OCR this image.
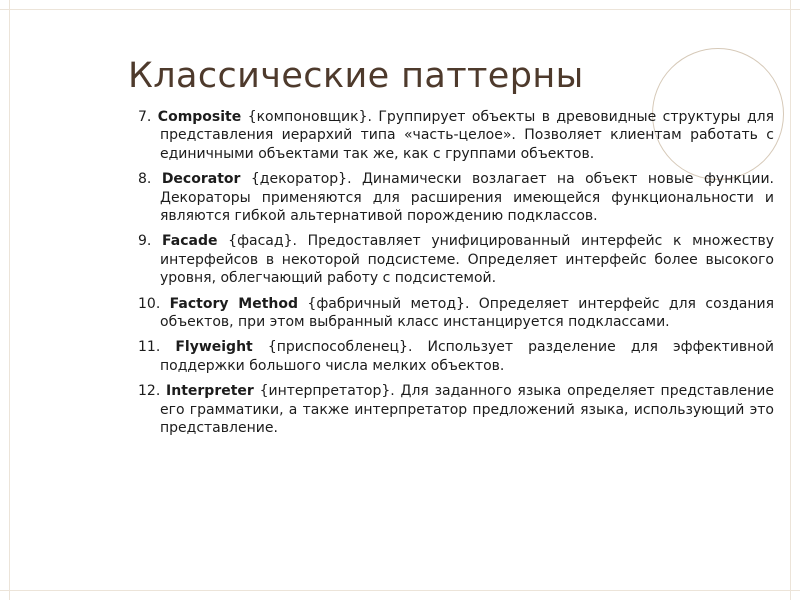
Классические паттерны

7. Composite {компоновщик}. Группирует объекты в древовидные структуры для представления иерархий типа «часть-целое». Позволяет клиентам работать с единичными объектами так же, как с группами объектов.

8. Decorator {декоратор}. Динамически возлагает на объект новые функции. Декораторы применяются для расширения имеющейся функциональности и являются гибкой альтернативой порождению подклассов.

9. Facade {фасад}. Предоставляет унифицированный интерфейс к множеству интерфейсов в некоторой подсистеме. Определяет интерфейс более высокого уровня, облегчающий работу с подсистемой.

10. Factory Method {фабричный метод}. Определяет интерфейс для создания объектов, при этом выбранный класс инстанцируется подклассами.

11. Flyweight {приспособленец}. Использует разделение для эффективной поддержки большого числа мелких объектов.

12. Interpreter {интерпретатор}. Для заданного языка определяет представление его грамматики, а также интерпретатор предложений языка, использующий это представление.
